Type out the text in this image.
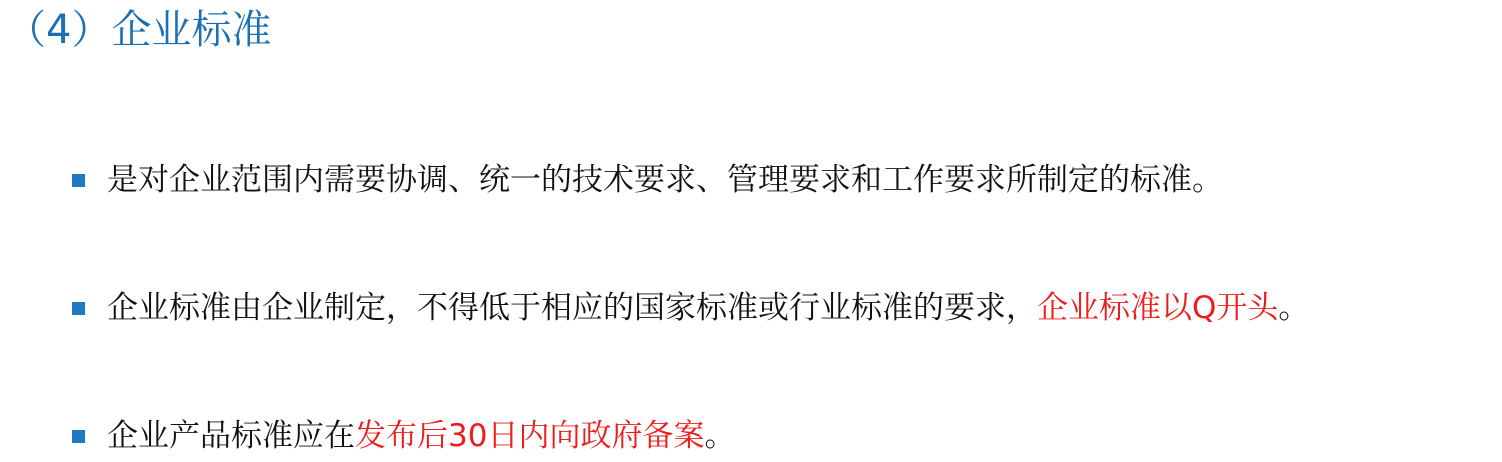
（4）企业标准
是对企业范围内需要协调、统一的技术要求、管理要求和工作要求所制定的标准。
企业标准由企业制定，不得低于相应的国家标准或行业标准的要求，企业标准以Q开头。
企业产品标准应在发布后30日内向政府备案。
